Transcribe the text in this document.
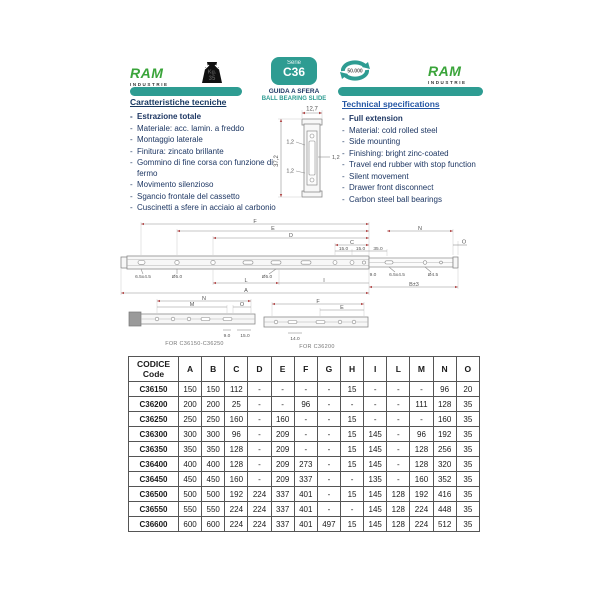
RAM
INDUSTRIE
Kg.
35
Serie
C36
GUIDA A SFERA
BALL BEARING SLIDE
50.000	RAM
INDUSTRIE
Caratteristiche tecniche
- Estrazione totale
- Materiale: acc. lamin. a freddo
- Montaggio laterale
- Finitura: zincato brillante
- Gommino di fine corsa con funzione di fermo
- Movimento silenzioso
- Sgancio frontale del cassetto
- Cuscinetti a sfere in acciaio al carbonio
Technical specifications
- Full extension
- Material: cold rolled steel
- Side mounting
- Finishing: bright zinc-coated
- Travel end rubber with stop function
- Silent movement
- Drawer front disconnect
- Carbon steel ball bearings
12,7
37,2
1,2
1,2
1,2
F
E
D
C
15.0 15.0 35.0
N
O
6.5x4.5	Ø5.0	Ø5.0	9.0	6.5x4.5	Ø4.5
L	I
B±3
A
N
M	O
9.0 15.0
FOR C36150-C36250
F
E
14.0
FOR C36200
CODICE
Code	A	B	C	D	E	F	G	H	I	L	M	N	O
C36150	150	150	112	-	-	-	-	15	-	-	-	96	20
C36200	200	200	25	-	-	96	-	-	-	-	111	128	35
C36250	250	250	160	-	160	-	-	15	-	-	-	160	35
C36300	300	300	96	-	209	-	-	15	145	-	96	192	35
C36350	350	350	128	-	209	-	-	15	145	-	128	256	35
C36400	400	400	128	-	209	273	-	15	145	-	128	320	35
C36450	450	450	160	-	209	337	-	-	135	-	160	352	35
C36500	500	500	192	224	337	401	-	15	145	128	192	416	35
C36550	550	550	224	224	337	401	-	-	145	128	224	448	35
C36600	600	600	224	224	337	401	497	15	145	128	224	512	35
